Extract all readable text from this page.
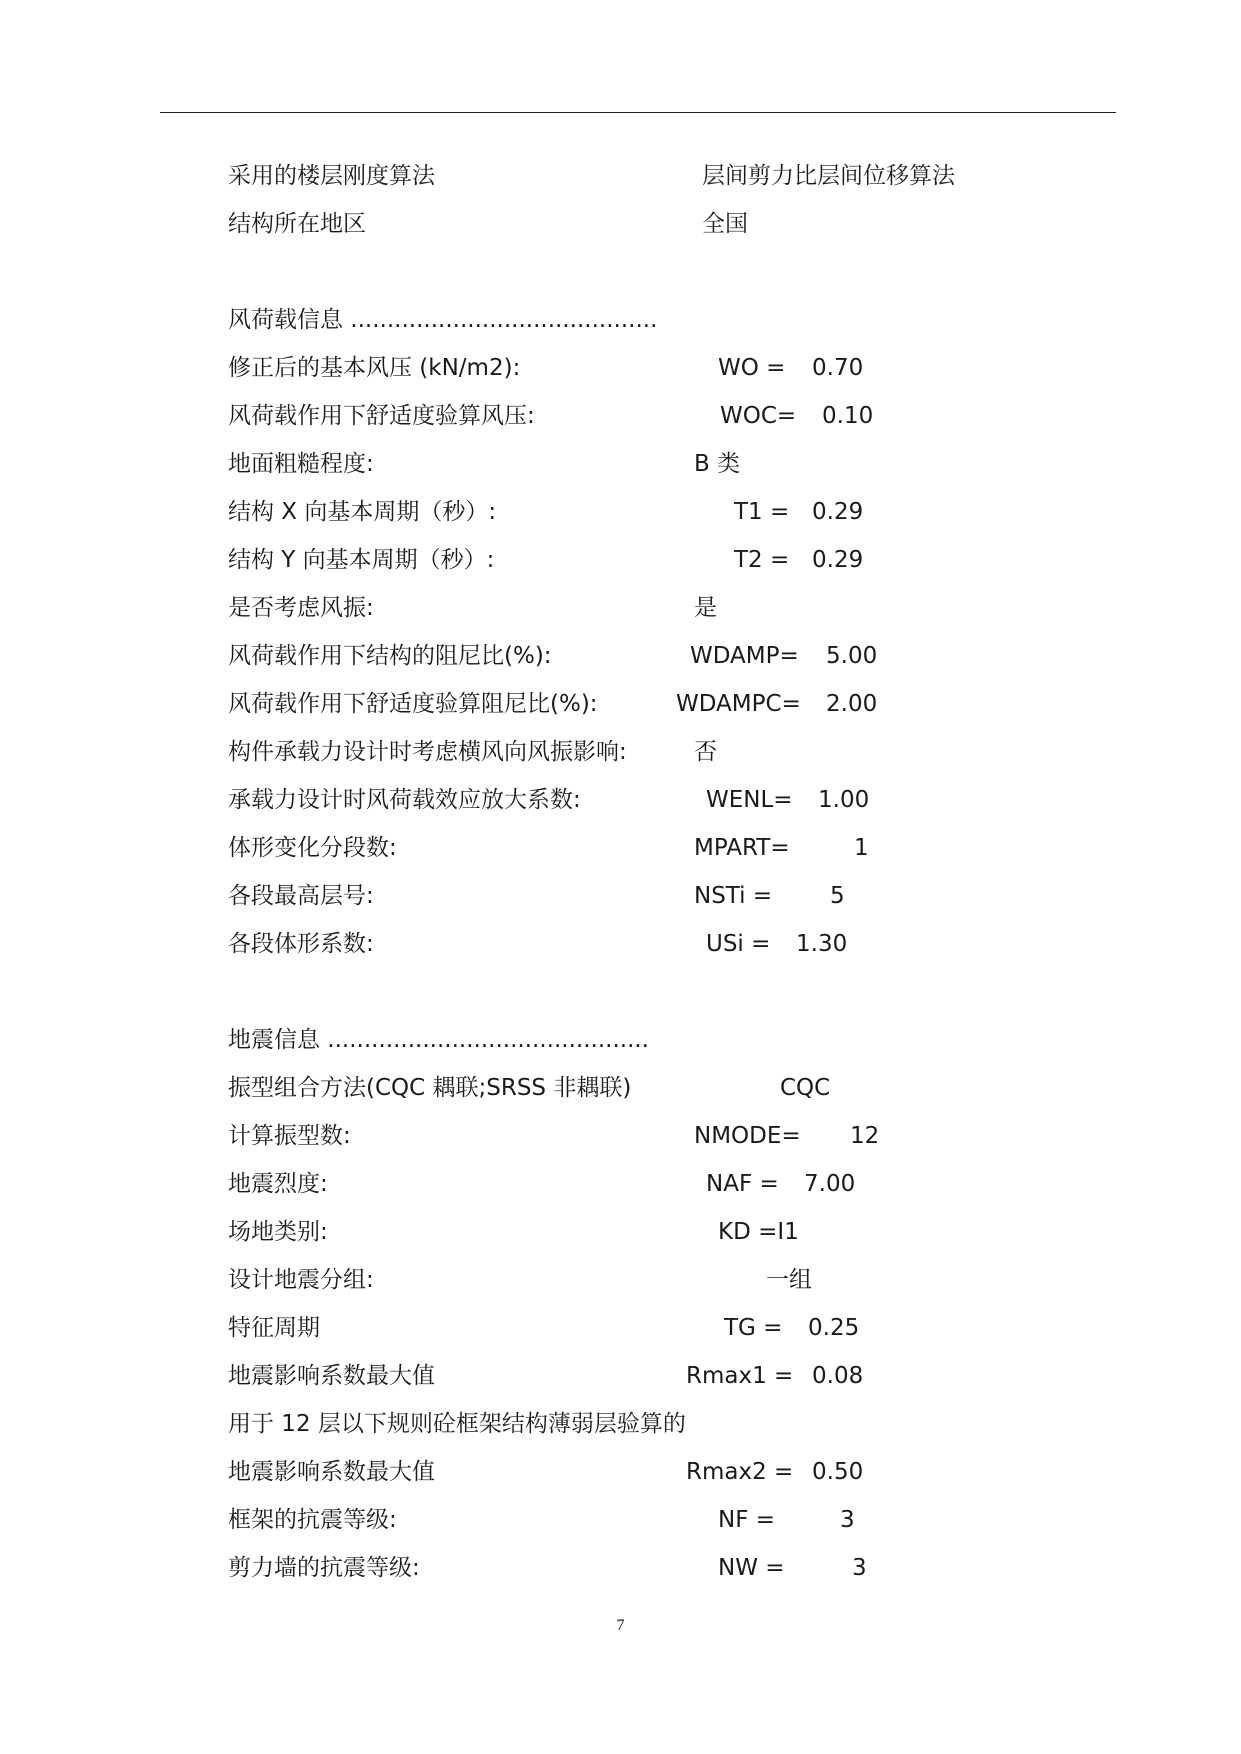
采用的楼层刚度算法	层间剪力比层间位移算法
结构所在地区	全国
风荷载信息 ..........................................
修正后的基本风压 (kN/m2):	WO = 0.70
风荷载作用下舒适度验算风压:	WOC= 0.10
地面粗糙程度:	B 类
结构 X 向基本周期（秒）:	T1 = 0.29
结构 Y 向基本周期（秒）:	T2 = 0.29
是否考虑风振:	是
风荷载作用下结构的阻尼比(%):	WDAMP= 5.00
风荷载作用下舒适度验算阻尼比(%):	WDAMPC= 2.00
构件承载力设计时考虑横风向风振影响:	否
承载力设计时风荷载效应放大系数:	WENL= 1.00
体形变化分段数:	MPART=	1
各段最高层号:	NSTi =	5
各段体形系数:	USi = 1.30
地震信息 ............................................
振型组合方法(CQC 耦联;SRSS 非耦联)	CQC
计算振型数:	NMODE= 12
地震烈度:	NAF = 7.00
场地类别:	KD =I1
设计地震分组:	一组
特征周期	TG = 0.25
地震影响系数最大值	Rmax1 = 0.08
用于 12 层以下规则砼框架结构薄弱层验算的
地震影响系数最大值	Rmax2 = 0.50
框架的抗震等级:	NF =	3
剪力墙的抗震等级:	NW =	3
7
